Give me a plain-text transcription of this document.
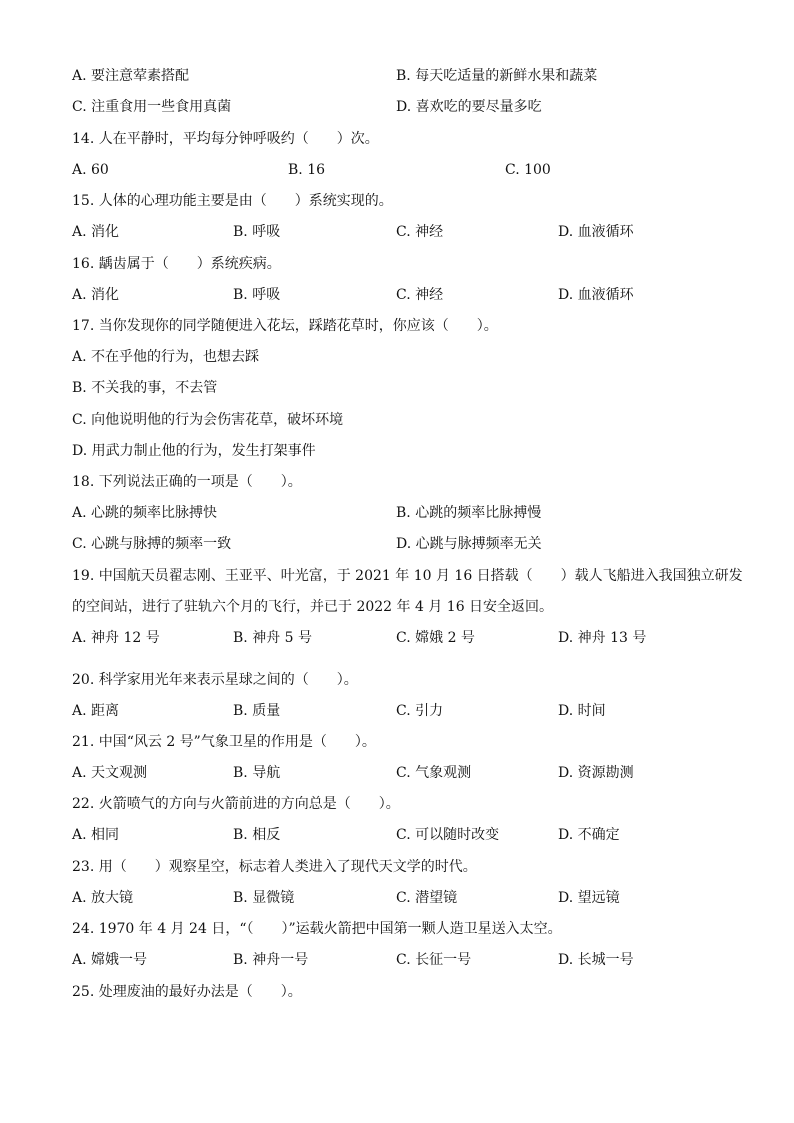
A. 要注意荤素搭配	B. 每天吃适量的新鲜水果和蔬菜
C. 注重食用一些食用真菌	D. 喜欢吃的要尽量多吃
14. 人在平静时，平均每分钟呼吸约（　　）次。
A. 60	B. 16	C. 100
15. 人体的心理功能主要是由（　　）系统实现的。
A. 消化	B. 呼吸	C. 神经	D. 血液循环
16. 龋齿属于（　　）系统疾病。
A. 消化	B. 呼吸	C. 神经	D. 血液循环
17. 当你发现你的同学随便进入花坛，踩踏花草时，你应该（　　）。
A. 不在乎他的行为，也想去踩
B. 不关我的事，不去管
C. 向他说明他的行为会伤害花草，破坏环境
D. 用武力制止他的行为，发生打架事件
18. 下列说法正确的一项是（　　）。
A. 心跳的频率比脉搏快	B. 心跳的频率比脉搏慢
C. 心跳与脉搏的频率一致	D. 心跳与脉搏频率无关
19. 中国航天员翟志刚、王亚平、叶光富，于 2021 年 10 月 16 日搭载（　　）载人飞船进入我国独立研发
的空间站，进行了驻轨六个月的飞行，并已于 2022 年 4 月 16 日安全返回。
A. 神舟 12 号	B. 神舟 5 号	C. 嫦娥 2 号	D. 神舟 13 号
20. 科学家用光年来表示星球之间的（　　）。
A. 距离	B. 质量	C. 引力	D. 时间
21. 中国“风云 2 号”气象卫星的作用是（　　）。
A. 天文观测	B. 导航	C. 气象观测	D. 资源勘测
22. 火箭喷气的方向与火箭前进的方向总是（　　）。
A. 相同	B. 相反	C. 可以随时改变	D. 不确定
23. 用（　　）观察星空，标志着人类进入了现代天文学的时代。
A. 放大镜	B. 显微镜	C. 潜望镜	D. 望远镜
24. 1970 年 4 月 24 日，“（　　）”运载火箭把中国第一颗人造卫星送入太空。
A. 嫦娥一号	B. 神舟一号	C. 长征一号	D. 长城一号
25. 处理废油的最好办法是（　　）。
